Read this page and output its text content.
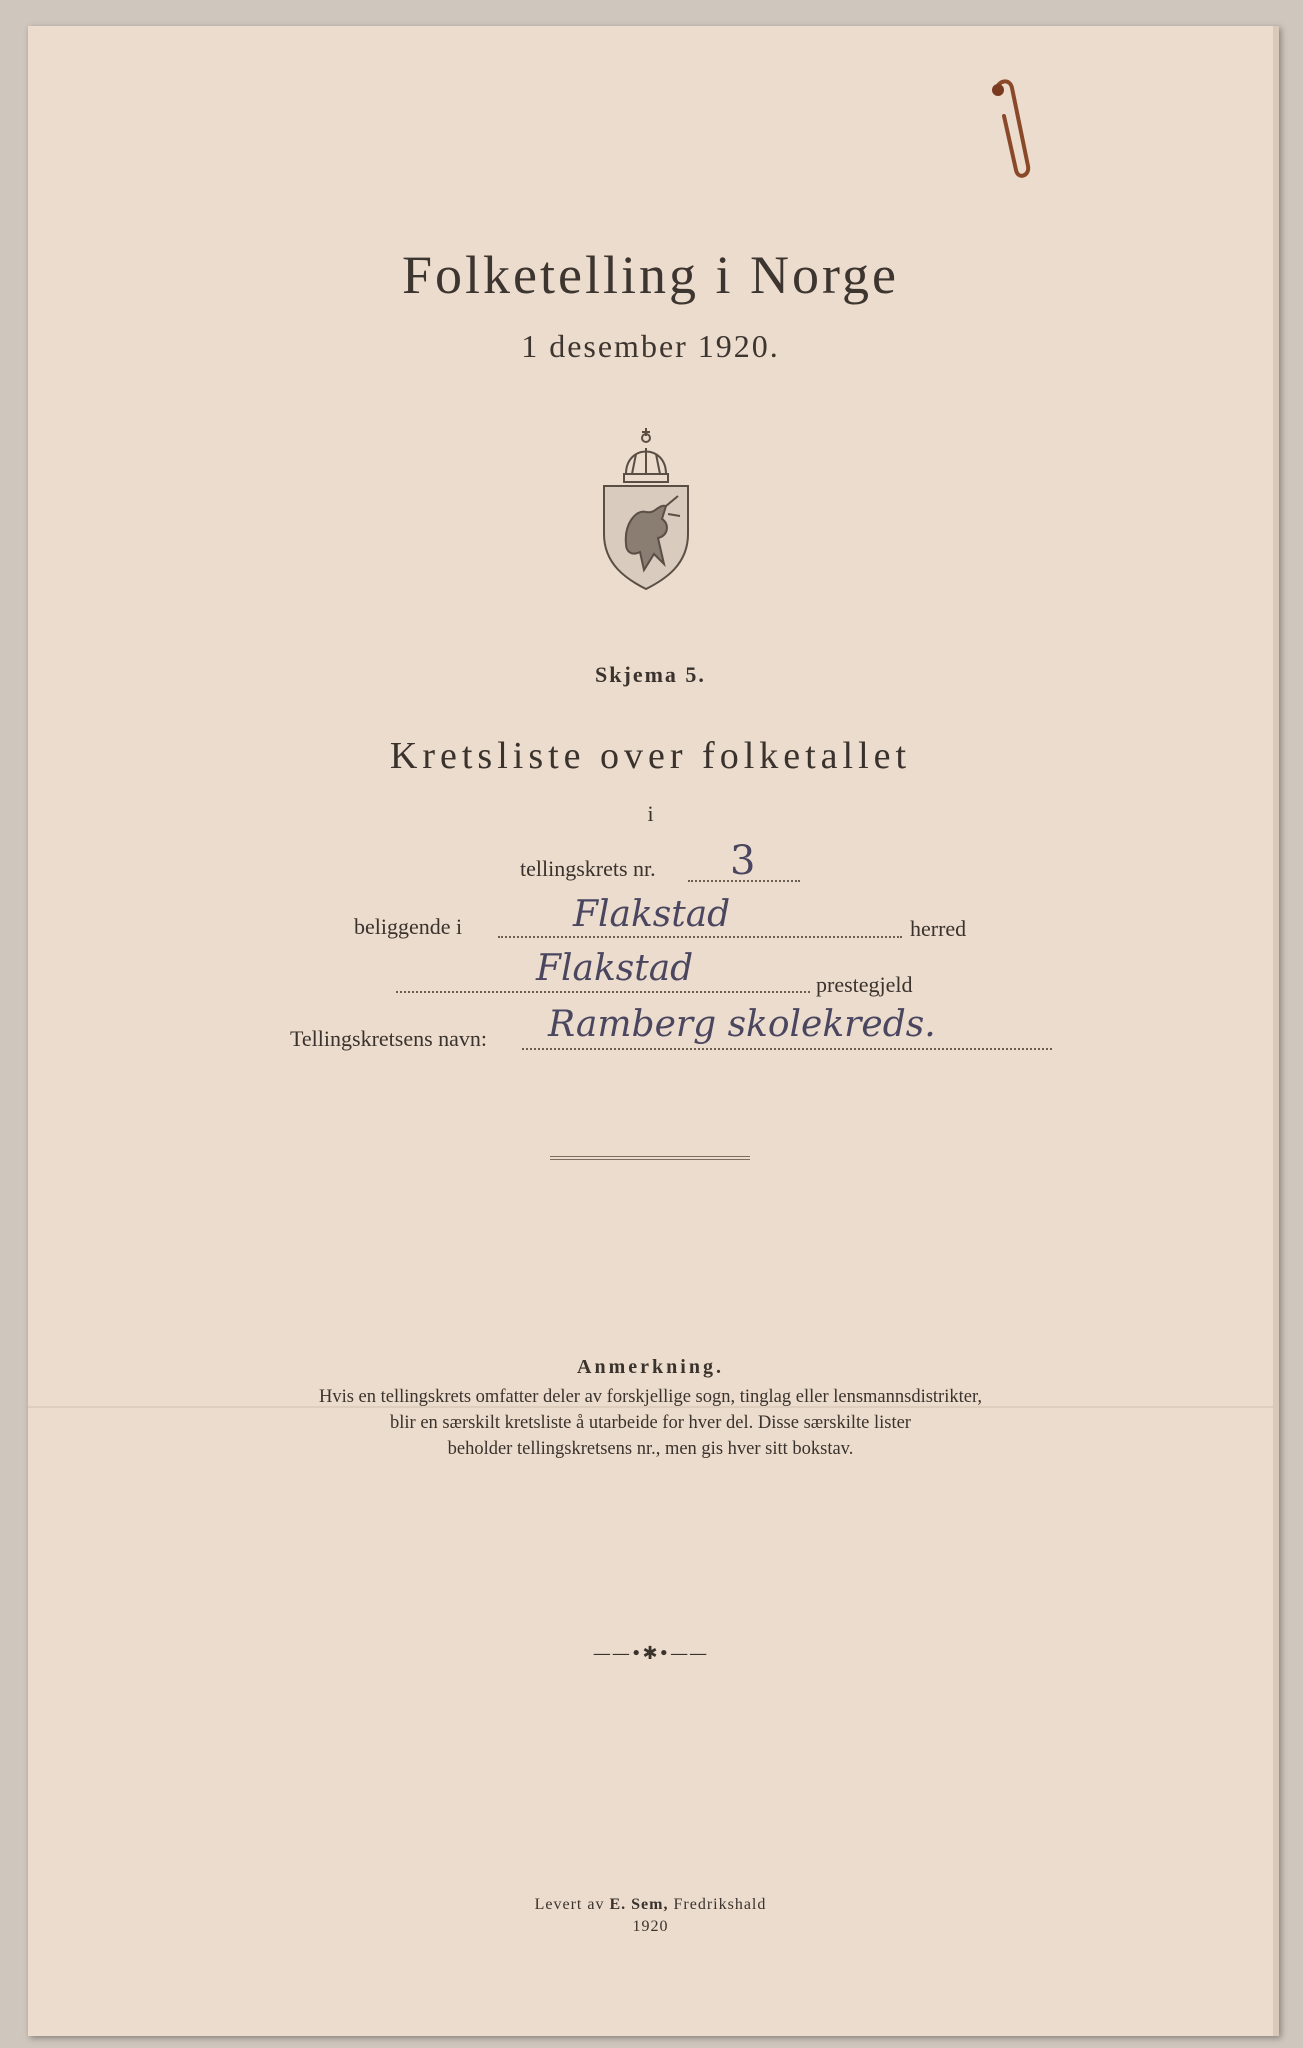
Folketelling i Norge
1 desember 1920.
Skjema 5.
Kretsliste over folketallet
i
tellingskrets nr. 3
beliggende i	Flakstad	herred
Flakstad	prestegjeld
Tellingskretsens navn: Ramberg skolekreds.
Anmerkning.
Hvis en tellingskrets omfatter deler av forskjellige sogn, tinglag eller lensmannsdistrikter,
blir en særskilt kretsliste å utarbeide for hver del. Disse særskilte lister
beholder tellingskretsens nr., men gis hver sitt bokstav.
——•✱•——
Levert av E. Sem, Fredrikshald
1920
